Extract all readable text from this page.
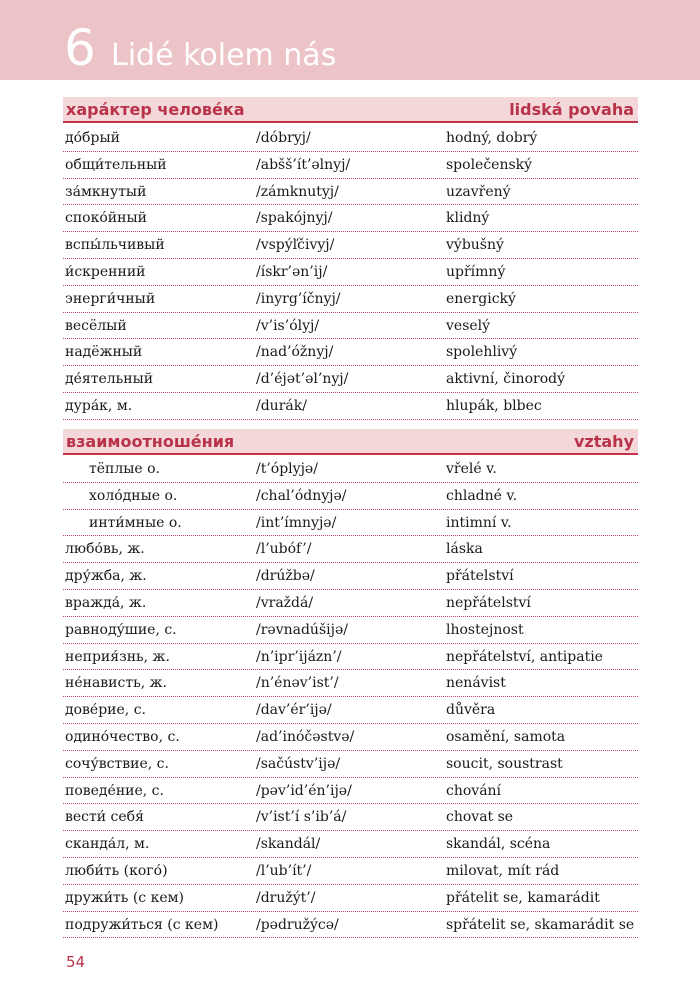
6 Lidé kolem nás
хара́ктер челове́ка	lidská povaha
до́брый	/dóbryj/	hodný, dobrý
общи́тельный	/abšš’ít’əlnyj/	společenský
за́мкнутый	/zámknutyj/	uzavřený
споко́йный	/spakójnyj/	klidný
вспы́льчивый	/vspýľčivyj/	výbušný
и́скренний	/ískr’ən’ij/	upřímný
энерги́чный	/inyrg’íčnyj/	energický
весёлый	/v’is’ólyj/	veselý
надёжный	/nad’óžnyj/	spolehlivý
де́ятельный	/d’éjət’əl’nyj/	aktivní, činorodý
дура́к, м.	/durák/	hlupák, blbec
взаимоотноше́ния	vztahy
тёплые о.	/t’óplyjə/	vřelé v.
холо́дные о.	/chal’ódnyjə/	chladné v.
инти́мные о.	/int’ímnyjə/	intimní v.
любо́вь, ж.	/l’ubóf’/	láska
дру́жба, ж.	/drúžbə/	přátelství
вражда́, ж.	/vraždá/	nepřátelství
равноду́шие, с.	/rəvnadúšijə/	lhostejnost
неприя́знь, ж.	/n’ipr’ijázn’/	nepřátelství, antipatie
не́нависть, ж.	/n’énəv’ist’/	nenávist
дове́рие, с.	/dav’ér’ijə/	důvěra
одино́чество, с.	/ad’inóčəstvə/	osamění, samota
сочу́вствие, с.	/sačústv’ijə/	soucit, soustrast
поведе́ние, с.	/pəv’id’én’ijə/	chování
вести́ себя́	/v’ist’í s’ib’á/	chovat se
сканда́л, м.	/skandál/	skandál, scéna
люби́ть (кого́)	/l’ub’ít’/	milovat, mít rád
дружи́ть (с кем)	/družýt’/	přátelit se, kamarádit
подружи́ться (с кем)	/pədružýcə/	spřátelit se, skamarádit se
54
